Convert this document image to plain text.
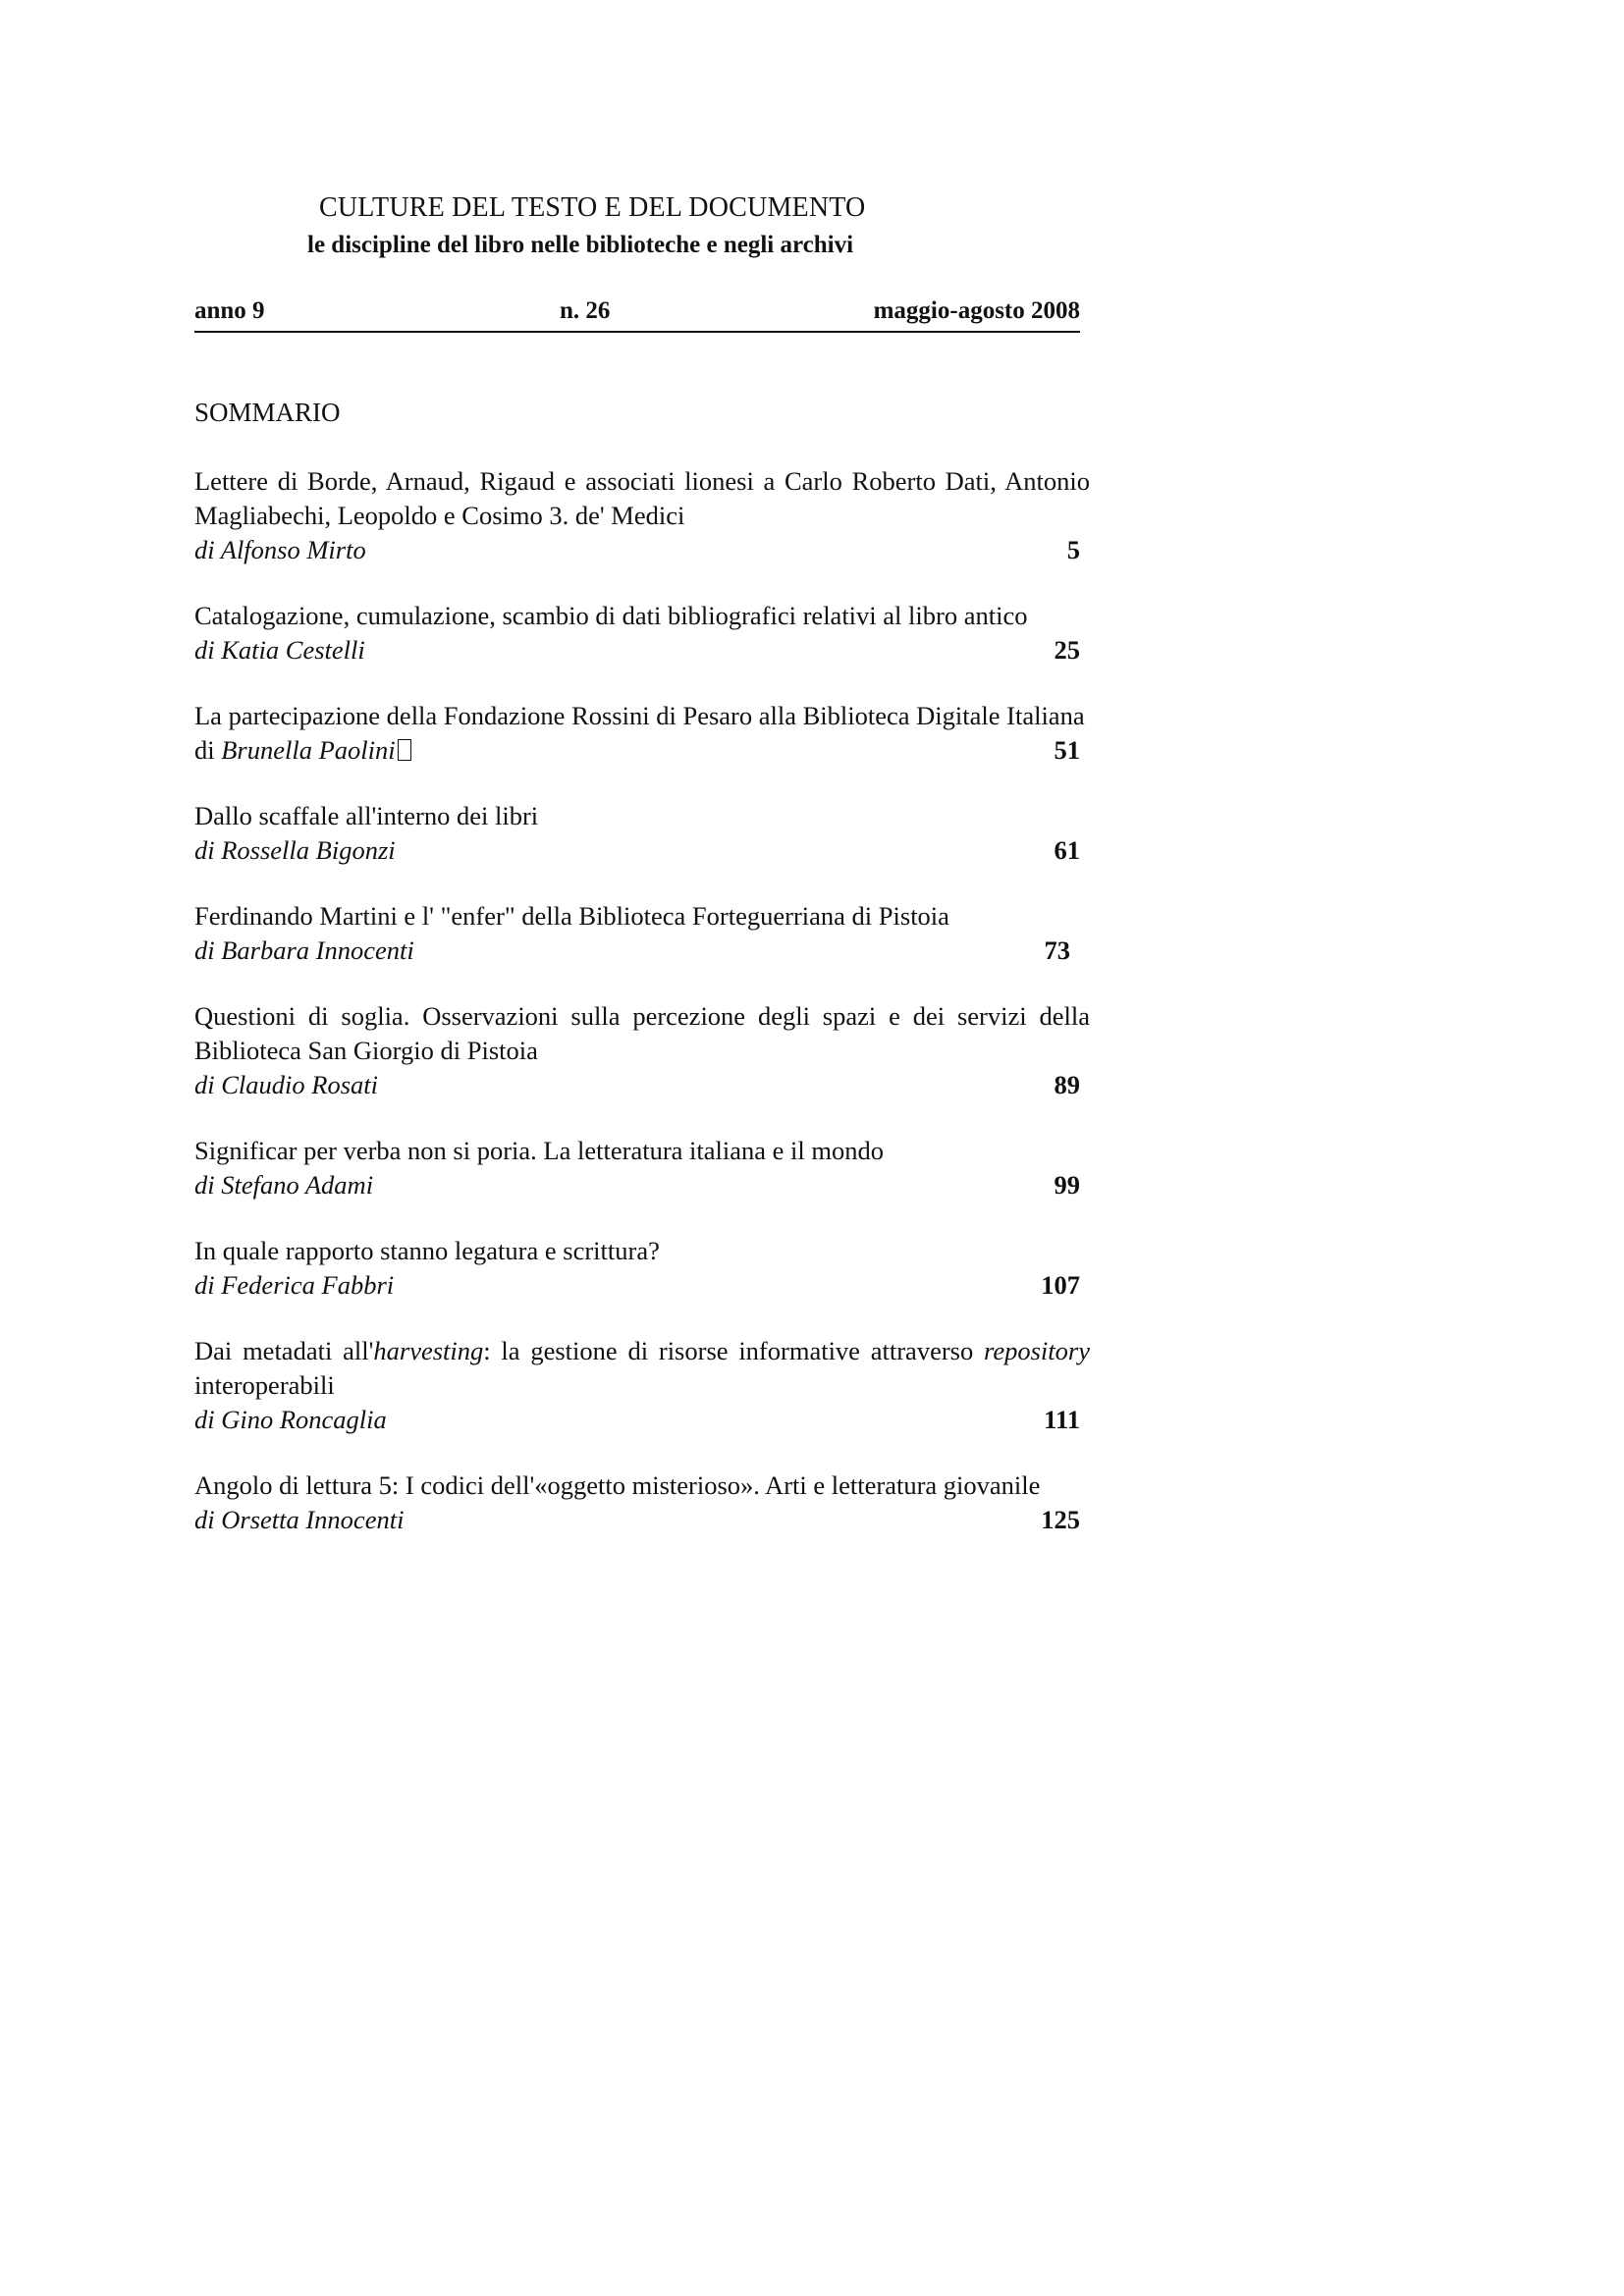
CULTURE DEL TESTO E DEL DOCUMENTO
le discipline del libro nelle biblioteche e negli archivi
anno 9	n. 26	maggio-agosto 2008
SOMMARIO

Lettere di Borde, Arnaud, Rigaud e associati lionesi a Carlo Roberto Dati, Antonio Magliabechi, Leopoldo e Cosimo 3. de' Medici

di Alfonso Mirto	5

Catalogazione, cumulazione, scambio di dati bibliografici relativi al libro antico

di Katia Cestelli	25

La partecipazione della Fondazione Rossini di Pesaro alla Biblioteca Digitale Italiana

di Brunella Paolini	51

Dallo scaffale all'interno dei libri

di Rossella Bigonzi	61

Ferdinando Martini e l' "enfer" della Biblioteca Forteguerriana di Pistoia

di Barbara Innocenti	73

Questioni di soglia. Osservazioni sulla percezione degli spazi e dei servizi della Biblioteca San Giorgio di Pistoia

di Claudio Rosati	89

Significar per verba non si poria. La letteratura italiana e il mondo

di Stefano Adami	99

In quale rapporto stanno legatura e scrittura?

di Federica Fabbri	107

Dai metadati all'harvesting: la gestione di risorse informative attraverso repository interoperabili

di Gino Roncaglia	111

Angolo di lettura 5: I codici dell'«oggetto misterioso». Arti e letteratura giovanile

di Orsetta Innocenti	125
